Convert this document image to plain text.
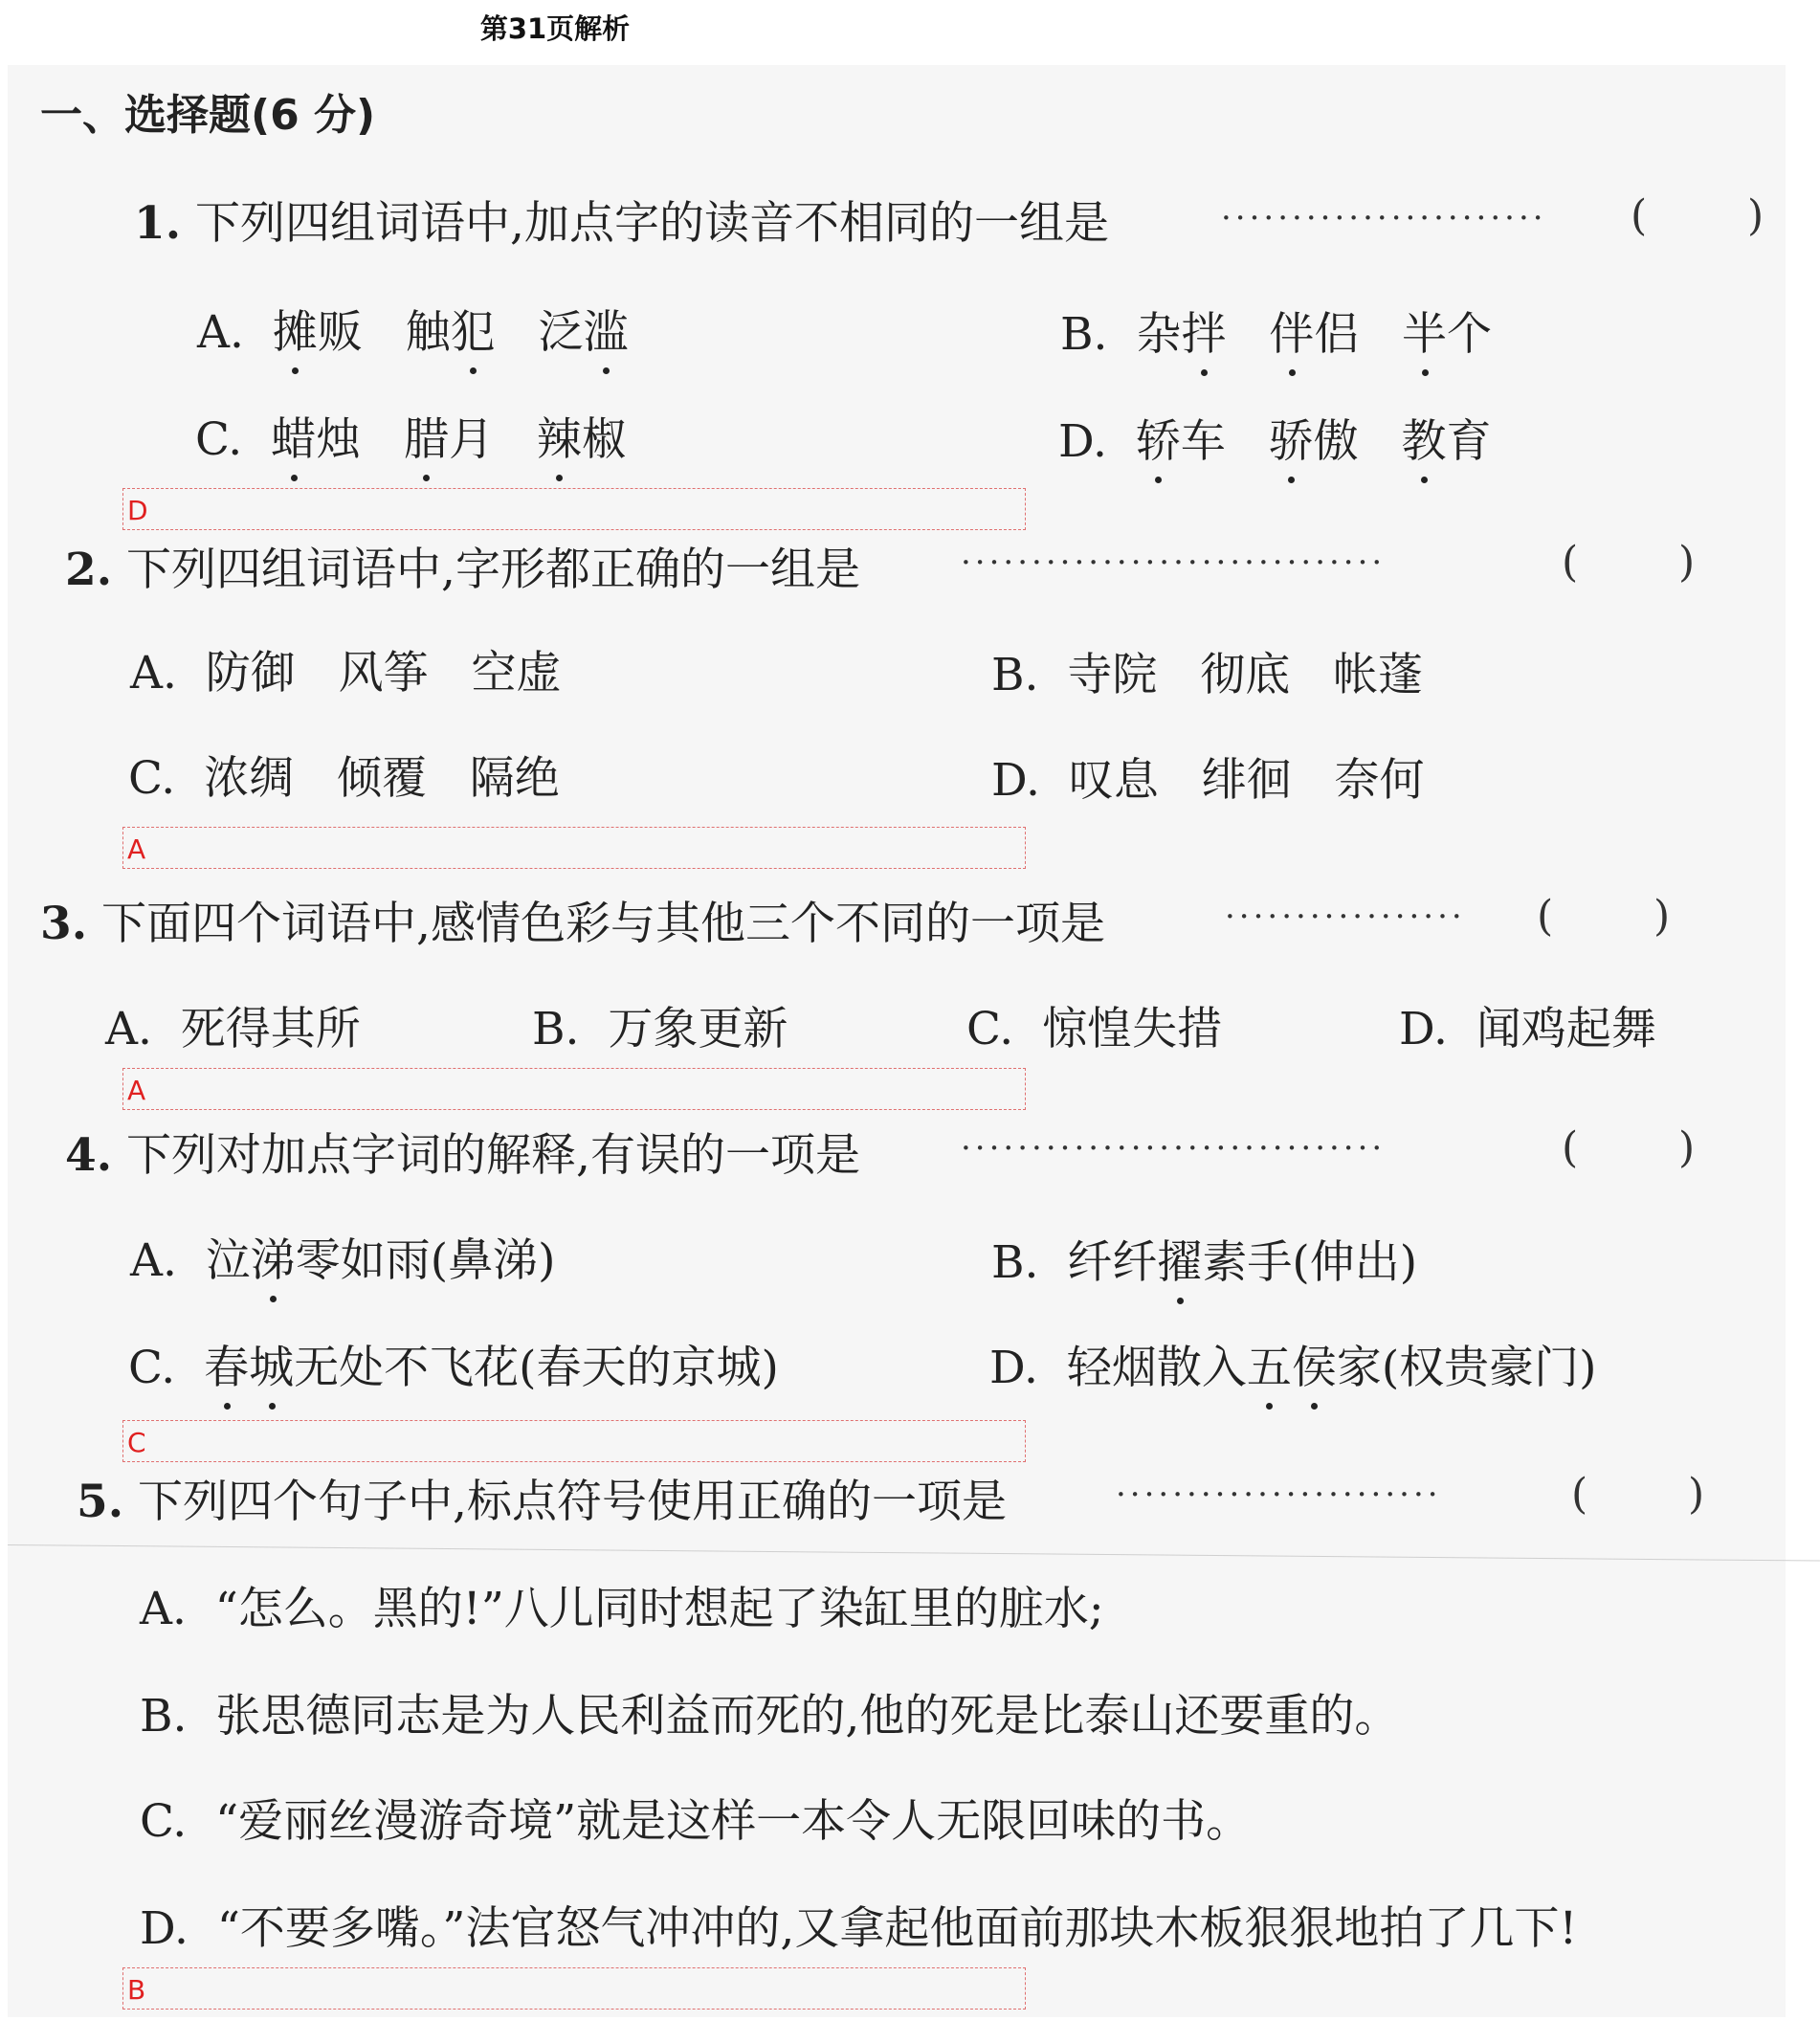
第31页解析
一、选择题(6 分)
1. 下列四组词语中,加点字的读音不相同的一组是	······················· ( )
A. 摊贩 触犯 泛滥	B. 杂拌 伴侣 半个
C. 蜡烛 腊月 辣椒	D. 轿车 骄傲 教育
D
2. 下列四组词语中,字形都正确的一组是	······························	( )
A. 防御 风筝 空虚	B. 寺院 彻底 帐蓬
C. 浓绸 倾覆 隔绝	D. 叹息 绯徊 奈何
A
3. 下面四个词语中,感情色彩与其他三个不同的一项是	················· ( )
A. 死得其所	B. 万象更新	C. 惊惶失措	D. 闻鸡起舞
A
4. 下列对加点字词的解释,有误的一项是	······························	( )
A. 泣涕零如雨(鼻涕)	B. 纤纤擢素手(伸出)
C. 春城无处不飞花(春天的京城)	D. 轻烟散入五侯家(权贵豪门)
C
5. 下列四个句子中,标点符号使用正确的一项是	·······················	( )
A. “怎么。黑的!”八儿同时想起了染缸里的脏水;
B. 张思德同志是为人民利益而死的,他的死是比泰山还要重的。
C. “爱丽丝漫游奇境”就是这样一本令人无限回味的书。
D. “不要多嘴。”法官怒气冲冲的,又拿起他面前那块木板狠狠地拍了几下!
B
